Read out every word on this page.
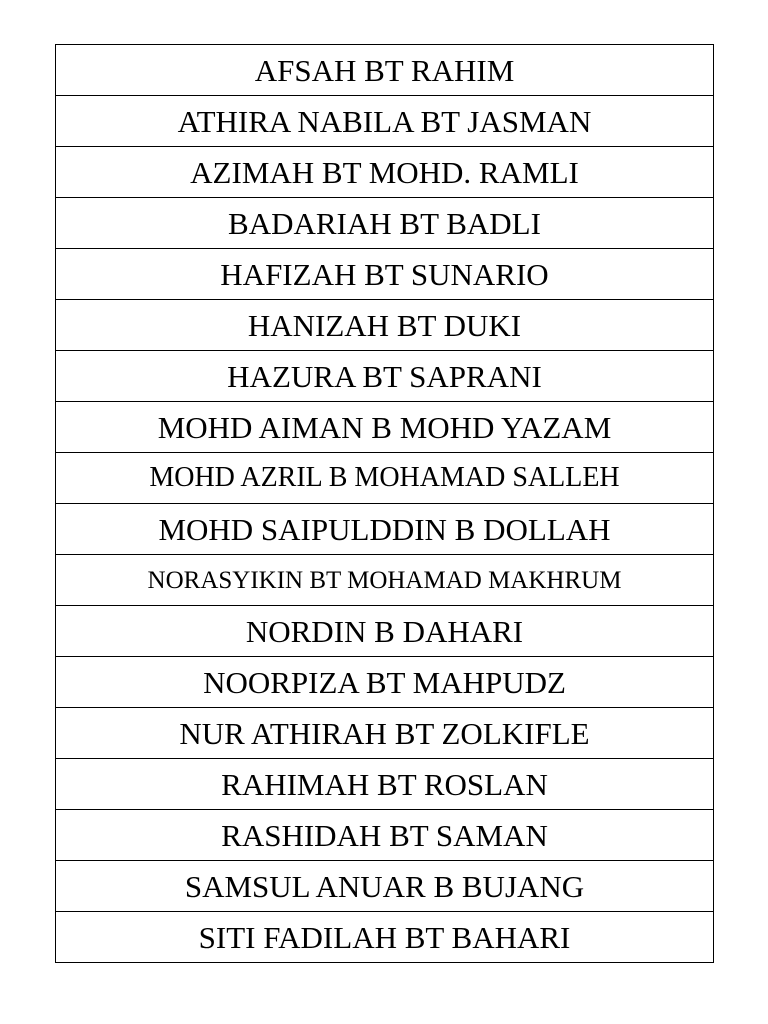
AFSAH BT RAHIM
ATHIRA NABILA BT JASMAN
AZIMAH BT MOHD. RAMLI
BADARIAH BT BADLI
HAFIZAH BT SUNARIO
HANIZAH BT DUKI
HAZURA BT SAPRANI
MOHD AIMAN B MOHD YAZAM
MOHD AZRIL B MOHAMAD SALLEH
MOHD SAIPULDDIN B DOLLAH
NORASYIKIN BT MOHAMAD MAKHRUM
NORDIN B DAHARI
NOORPIZA BT MAHPUDZ
NUR ATHIRAH BT ZOLKIFLE
RAHIMAH BT ROSLAN
RASHIDAH BT SAMAN
SAMSUL ANUAR B BUJANG
SITI FADILAH BT BAHARI
